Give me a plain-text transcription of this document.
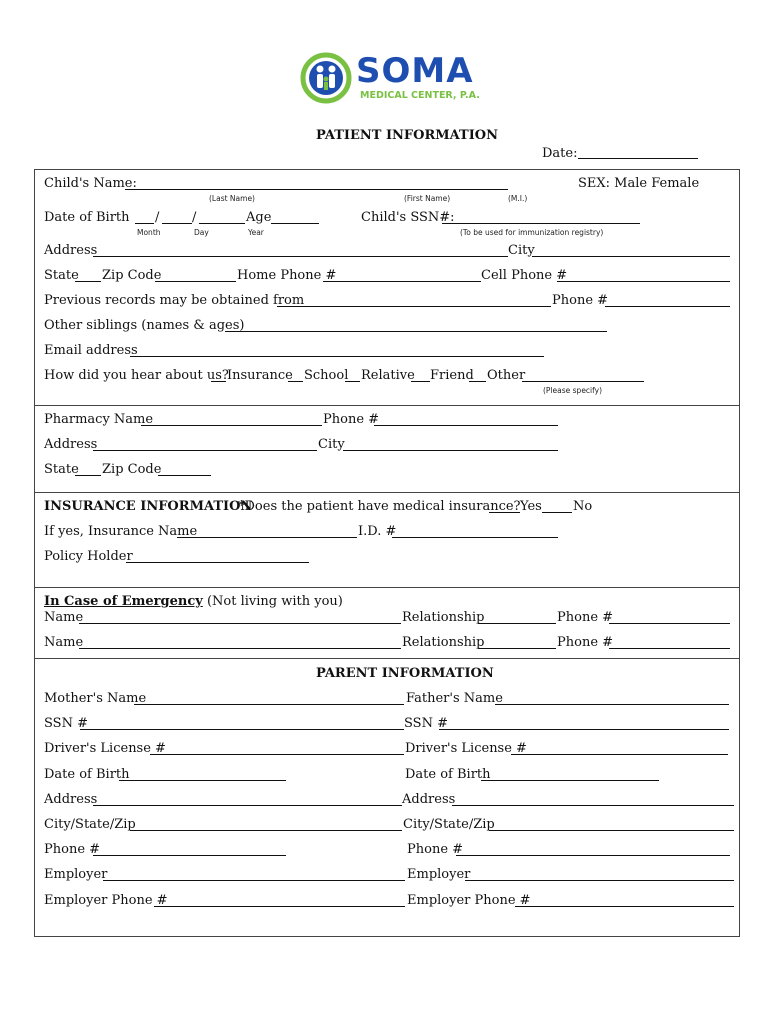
SOMA
MEDICAL CENTER, P.A.
PATIENT INFORMATION
Date:
Child's Name:	SEX: Male Female
(Last Name)	(First Name)	(M.I.)
Date of Birth /	/	Age
Month	Day	Year
Child's SSN#:
(To be used for immunization registry)
Address	City
State Zip Code	Home Phone #	Cell Phone #
Previous records may be obtained from	Phone #
Other siblings (names & ages)
Email address
How did you hear about us?
Insurance School Relative Friend Other
(Please specify)
Pharmacy Name	Phone #
Address	City
State Zip Code
INSURANCE INFORMATION
*Does the patient have medical insurance? Yes No
If yes, Insurance Name	I.D. #
Policy Holder
In Case of Emergency (Not living with you)
Name	Relationship	Phone #
Name	Relationship	Phone #
PARENT INFORMATION
Mother's Name	Father's Name
SSN #	SSN #
Driver's License #	Driver's License #
Date of Birth	Date of Birth
Address	Address
City/State/Zip	City/State/Zip
Phone #	Phone #
Employer	Employer
Employer Phone #	Employer Phone #
